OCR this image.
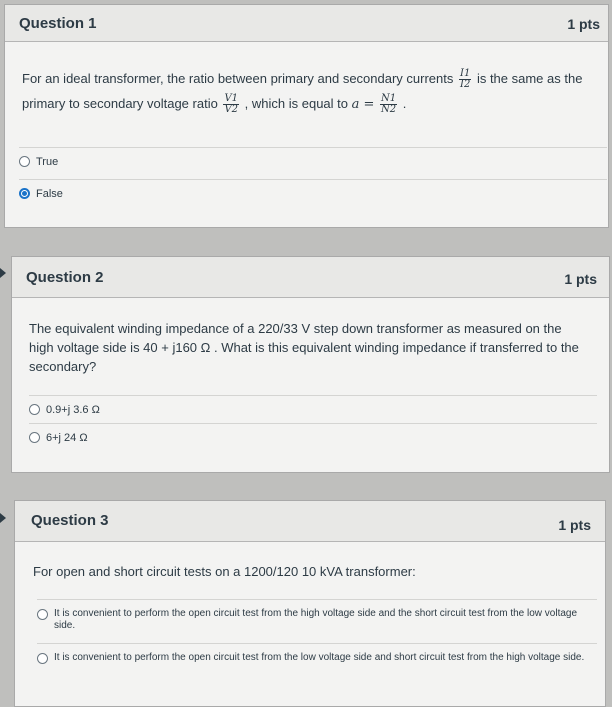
Question 1	1 pts
For an ideal transformer, the ratio between primary and secondary currents $\frac{I1}{I2}$ is the same as the
primary to secondary voltage ratio $\frac{V1}{V2}$ , which is equal to $a = \frac{N1}{N2}$ .
True
False
Question 2	1 pts
The equivalent winding impedance of a 220/33 V step down transformer as measured on the high voltage side is 40 + j160 Ω . What is this equivalent winding impedance if transferred to the secondary?
0.9+j 3.6 Ω
6+j 24 Ω
Question 3	1 pts
For open and short circuit tests on a 1200/120 10 kVA transformer:
It is convenient to perform the open circuit test from the high voltage side and the short circuit test from the low voltage side.
It is convenient to perform the open circuit test from the low voltage side and short circuit test from the high voltage side.
